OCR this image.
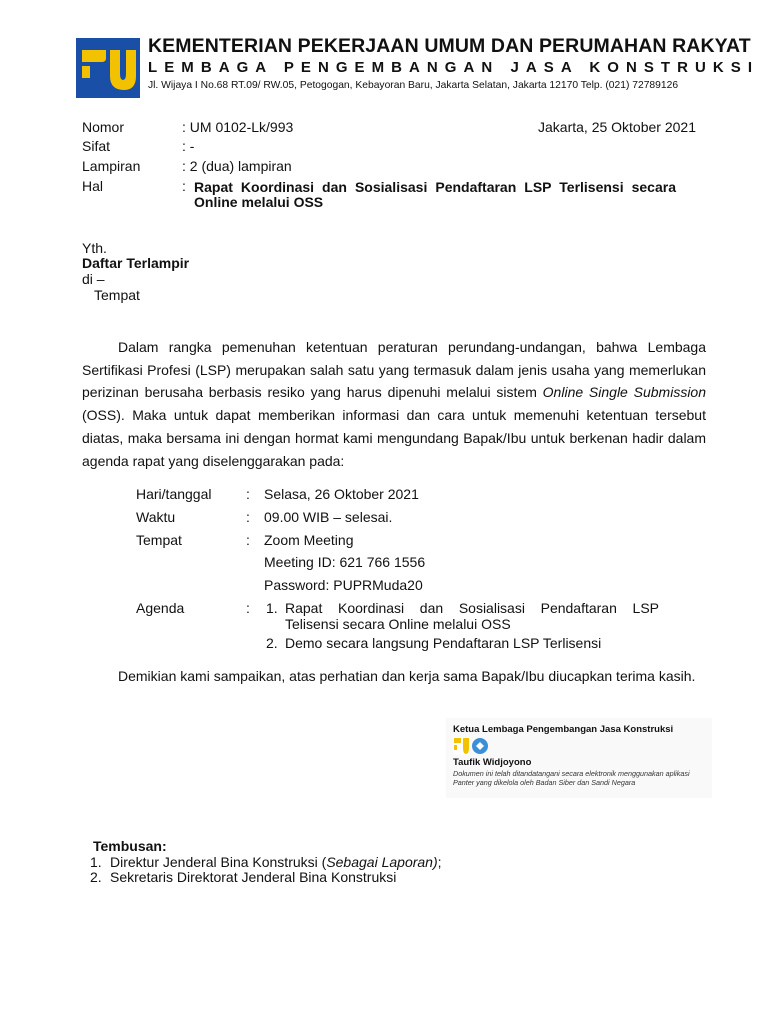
KEMENTERIAN PEKERJAAN UMUM DAN PERUMAHAN RAKYAT
LEMBAGA PENGEMBANGAN JASA KONSTRUKSI
Jl. Wijaya I No.68 RT.09/ RW.05, Petogogan, Kebayoran Baru, Jakarta Selatan, Jakarta 12170 Telp. (021) 72789126
Nomor	: UM 0102-Lk/993	Jakarta, 25 Oktober 2021
Sifat	: -
Lampiran	: 2 (dua) lampiran
Hal	: Rapat Koordinasi dan Sosialisasi Pendaftaran LSP Terlisensi secara
Online melalui OSS
Yth.
Daftar Terlampir
di –
Tempat

Dalam rangka pemenuhan ketentuan peraturan perundang-undangan, bahwa Lembaga Sertifikasi Profesi (LSP) merupakan salah satu yang termasuk dalam jenis usaha yang memerlukan perizinan berusaha berbasis resiko yang harus dipenuhi melalui sistem Online Single Submission (OSS). Maka untuk dapat memberikan informasi dan cara untuk memenuhi ketentuan tersebut diatas, maka bersama ini dengan hormat kami mengundang Bapak/Ibu untuk berkenan hadir dalam agenda rapat yang diselenggarakan pada:

Hari/tanggal : Selasa, 26 Oktober 2021
Waktu	: 09.00 WIB – selesai.
Tempat	: Zoom Meeting
Meeting ID: 621 766 1556
Password: PUPRMuda20
Agenda	: 1. Rapat Koordinasi dan Sosialisasi Pendaftaran LSP
Telisensi secara Online melalui OSS
2. Demo secara langsung Pendaftaran LSP Terlisensi
Demikian kami sampaikan, atas perhatian dan kerja sama Bapak/Ibu diucapkan terima kasih.
Ketua Lembaga Pengembangan Jasa Konstruksi
Taufik Widjoyono
Dokumen ini telah ditandatangani secara elektronik menggunakan aplikasi Panter yang dikelola oleh Badan Siber dan Sandi Negara
Tembusan:
1. Direktur Jenderal Bina Konstruksi (Sebagai Laporan);
2. Sekretaris Direktorat Jenderal Bina Konstruksi
